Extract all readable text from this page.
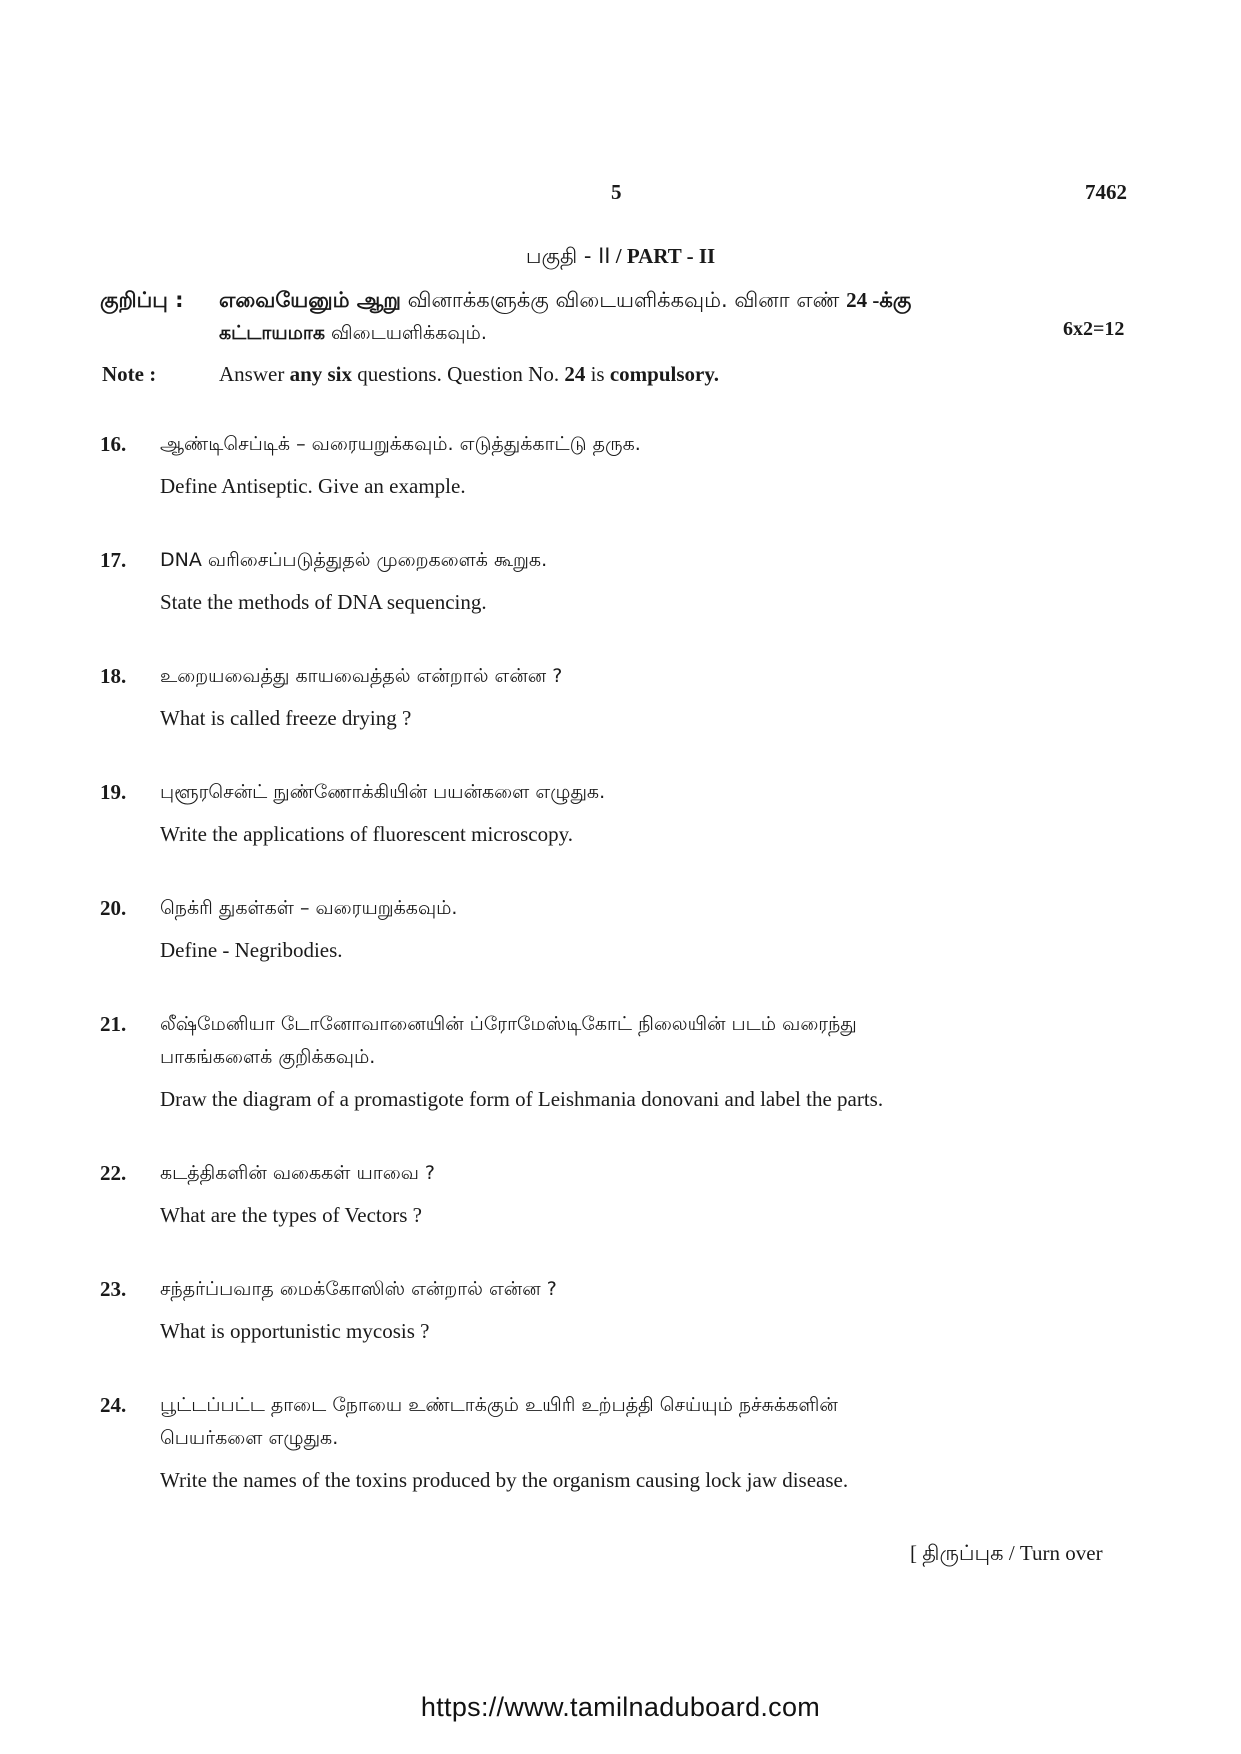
5	7462
பகுதி - II / PART - II
குறிப்பு : எவையேனும் ஆறு வினாக்களுக்கு விடையளிக்கவும். வினா எண் 24 -க்கு
கட்டாயமாக விடையளிக்கவும்.	6x2=12
Note :	Answer any six questions. Question No. 24 is compulsory.
16. ஆண்டிசெப்டிக் – வரையறுக்கவும். எடுத்துக்காட்டு தருக.
Define Antiseptic. Give an example.
17. DNA வரிசைப்படுத்துதல் முறைகளைக் கூறுக.
State the methods of DNA sequencing.
18. உறையவைத்து காயவைத்தல் என்றால் என்ன ?
What is called freeze drying ?
19. புளூரசென்ட் நுண்ணோக்கியின் பயன்களை எழுதுக.
Write the applications of fluorescent microscopy.
20. நெக்ரி துகள்கள் – வரையறுக்கவும்.
Define - Negribodies.
21. லீஷ்மேனியா டோனோவானையின் ப்ரோமேஸ்டிகோட் நிலையின் படம் வரைந்து
பாகங்களைக் குறிக்கவும்.
Draw the diagram of a promastigote form of Leishmania donovani and label the parts.
22. கடத்திகளின் வகைகள் யாவை ?
What are the types of Vectors ?
23. சந்தர்ப்பவாத மைக்கோஸிஸ் என்றால் என்ன ?
What is opportunistic mycosis ?
24. பூட்டப்பட்ட தாடை நோயை உண்டாக்கும் உயிரி உற்பத்தி செய்யும் நச்சுக்களின்
பெயர்களை எழுதுக.
Write the names of the toxins produced by the organism causing lock jaw disease.
[ திருப்புக / Turn over
https://www.tamilnaduboard.com
